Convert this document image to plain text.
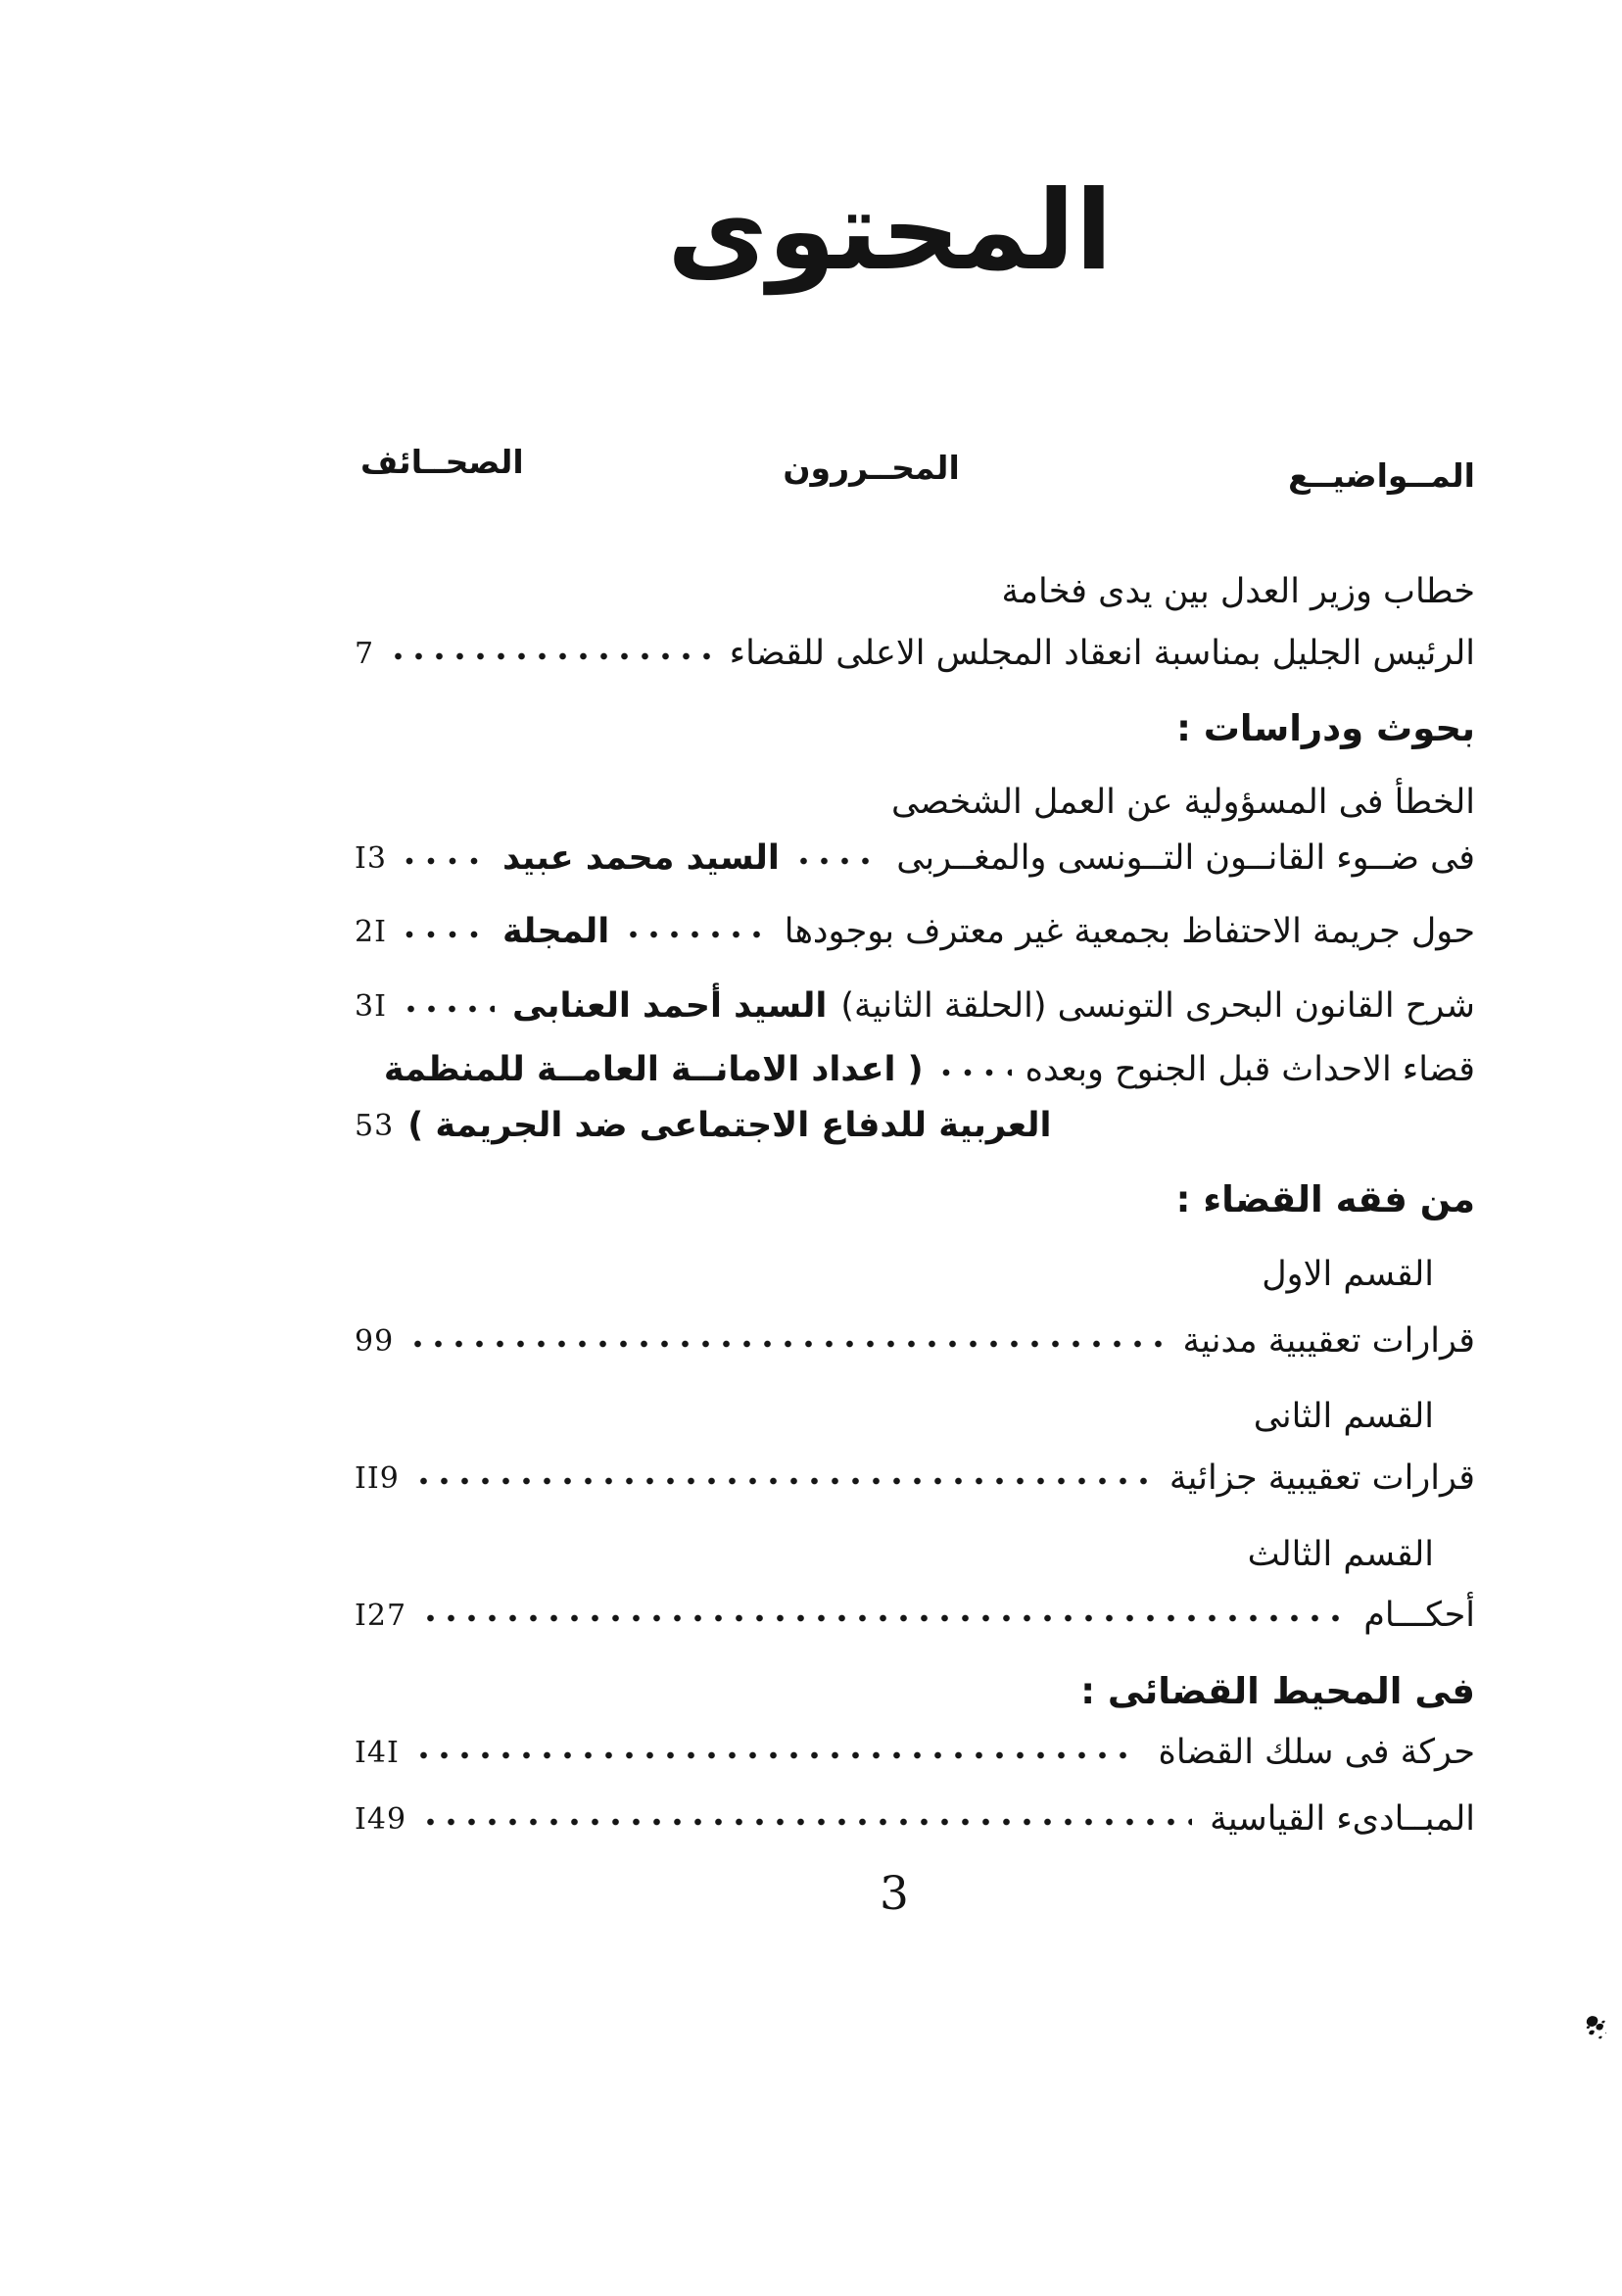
المحتوى
المــواضيــع
المحــررون
الصحــائف
خطاب وزير العدل بين يدى فخامة
الرئيس الجليل بمناسبة انعقاد المجلس الاعلى للقضاء
7
بحوث ودراسات :
الخطأ فى المسؤولية عن العمل الشخصى
فى ضــوء القانــون التــونسى والمغــربى
السيد محمد عبيد
I3
حول جريمة الاحتفاظ بجمعية غير معترف بوجودها
المجلة
2I
شرح القانون البحرى التونسى (الحلقة الثانية)
السيد أحمد العنابى
3I
قضاء الاحداث قبل الجنوح وبعده
( اعداد الامانــة العامــة للمنظمة
العربية للدفاع الاجتماعى ضد الجريمة )
53
من فقه القضاء :
القسم الاول
قرارات تعقيبية مدنية
99
القسم الثانى
قرارات تعقيبية جزائية
II9
القسم الثالث
أحكـــام
I27
فى المحيط القضائى :
حركة فى سلك القضاة
I4I
المبــادىء القياسية
I49
3
